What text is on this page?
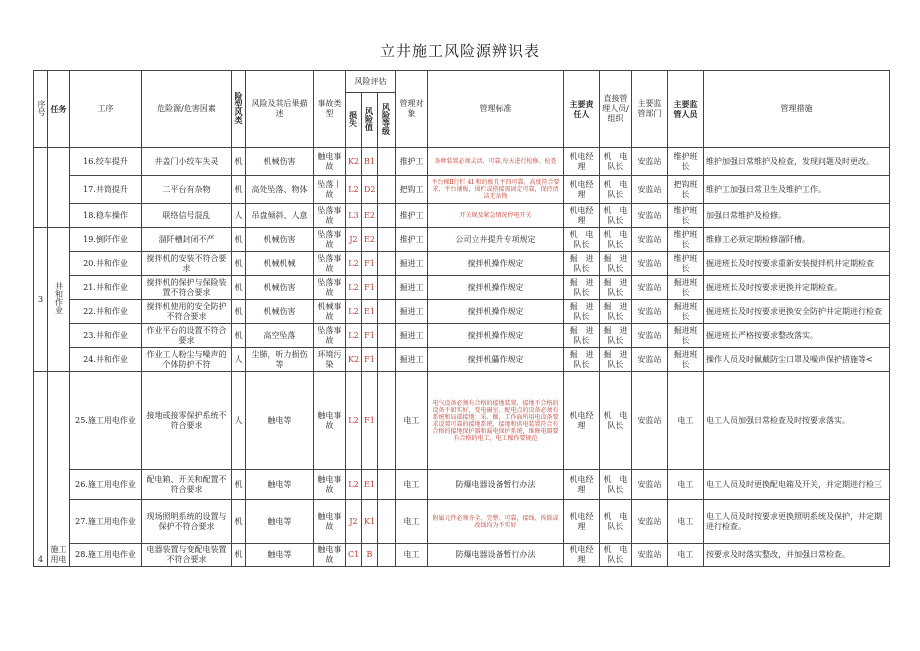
立井施工风险源辨识表
序号	任务	工序	危险源/危害因素	险型风类	风险及其后果描述	事故类型	风险评估			管理对象	管理标准	主要责任人	直接管理人员/组织	主要监管部门	主要监管人员	管理措施
							损失	风险值	风险等级							
		16.绞车提升	井盖门小绞车失灵	机	机械伤害	触电事故	K2	B1		推护工	各种装置必须灵活、可靠,每天进行检修、检查	机电经理	机　电队长	安监站	维护班长	维护加强日常维护及检查，发现问题及时更改。
		17.井筒提升	二平台有杂物	机	高处坠落、物体	坠落丨故	L2	D2		把钩工	平台梯Ⅱ行栏 4I 和的板且平四可靠，高度符合要求，平台铺板，围栏或搭接需固定可靠，保持清洁无杂物	机电经理	机　电队长	安监站	把钩班长	维护工加强日常卫生及维护工作。
		18.稳车操作	联络信号混乱	人	吊盘倾斜、人意	坠落事故	L3	E2		推护工	开关规及紧急情况停电开关	机电经理	机　电队长	安监站	维护班长	加强日常维护及检修。
3	井和作业	19.倒阡作业	溜阡槽封闭不严	机	机械伤害	坠落事故	J2	E2		推护工	公司立井提升专项规定	机　电队长	机　电队长	安监站	维护班长	维修工必须定期检修溜阡槽。
		20.井和作业	搅拌机的安装不符合要求	机	机械机械	坠落事故	L2	F1		掘进工	搅拌机操作规定	掘　进队长	掘　进队长	安监站	维护班长	掘进班长及时按要求重新安装搅拌机井定期检查
		21.井和作业	搅拌机的保护与保险装置不符合要求	机	机械伤害	坠落事故	L2	F1		掘进工	搅拌机操作规定	掘　进队长	掘　进队长	安监站	掘进班长	掘进班长及时按要求更换并定期检查。
		22.井和作业	搅拌机使用的安全防护不符合要求	机	机械伤害	机械事故	L2	E1		掘进工	搅拌机操作规定	掘　进队长	掘　进队长	安监站	掘进班长	掘进班长及时按要求更换安全防护井定期进行检查
		23.井和作业	作业平台的设置不符合要求	机	高空坠落	坠落事故	L2	F1		掘进工	搅拌机操作规定	掘　进队长	掘　进队长	安监站	掘进班长	掘进班长严格按要求整改落实。
		24.井和作业	作业工人粉尘与噪声的个体防护不符	人	尘肺，听力损伤等	环境污染	K2	F1		掘进工	搅拌机儡作规定	掘　进队长	掘　进队长	安监站	掘进班长	操作人员及时佩戴防尘口罩及噪声保护措施等<
4	施工用电	25.施工用电作业	接地或接零保护系统不符合要求	人	触电等	触电事故	L2	F1		电工	电气设备必须有合格的接地装置，接地不合格的设备不如实好，变电硐室、配电点的设备必须有系统和局部接地：采、掘，工作面所用电设备要求设置可靠的接地系统，接地和供电装置符合有合格的接地保护器和漏电保护系统，维修电器要有合格的电工，电工操作要规范	机电经理	机　电队长	安监站	电工	电工人员加强日常检查及时按要求落实。
		26.施工用电作业	配电箱、开关和配置不符合要求	机	触电等	触电事故	L2	E1		电工	防爆电器设备暂行办法	机电经理	机　电队长	安监站	电工	电工人员及时更换配电箱及开关，并定期进行检三
		27.施工用电作业	现场照明系统的设置与保护不符合要求	机	触电等	触电事故	J2	K1		电工	附属元件必须齐全、完整、可靠，接线、拆除或改线均为不实好	机电经理	机　电队长	安监站	电工	电工人员及时按要求更换照明系统及保护，井定期进行检查。
		28.施工用电作业	电器装置与变配电装置不符合要求	机	触电等	触电事故	C1	B		电工	防爆电器设备暂行办法	机电经理	机　电队长	安监站	电工	按要求及时落实整改，并加强日常检查。
